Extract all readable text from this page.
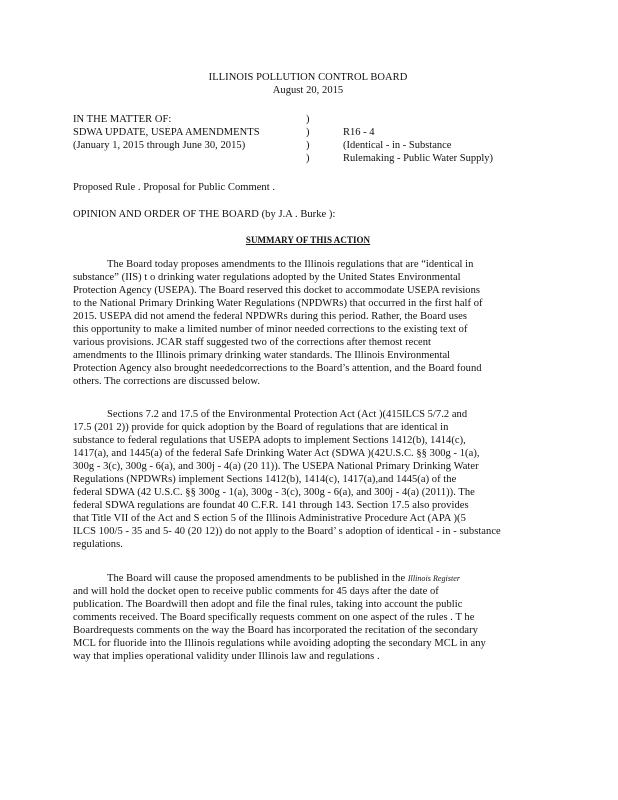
ILLINOIS POLLUTION CONTROL BOARD
August 20, 2015
IN THE MATTER OF:
SDWA UPDATE, USEPA AMENDMENTS
(January 1, 2015 through June 30, 2015)
)
)
)
)
R16 - 4
(Identical - in - Substance
Rulemaking - Public Water Supply)
Proposed Rule . Proposal for Public Comment .
OPINION AND ORDER OF THE BOARD (by J.A . Burke ):
SUMMARY OF THIS ACTION
The Board today proposes amendments to the Illinois regulations that are “identical in
substance” (IIS) t o drinking water regulations adopted by the United States Environmental
Protection Agency (USEPA). The Board reserved this docket to accommodate USEPA revisions
to the National Primary Drinking Water Regulations (NPDWRs) that occurred in the first half of
2015. USEPA did not amend the federal NPDWRs during this period. Rather, the Board uses
this opportunity to make a limited number of minor needed corrections to the existing text of
various provisions. JCAR staff suggested two of the corrections after themost recent
amendments to the Illinois primary drinking water standards. The Illinois Environmental
Protection Agency also brought neededcorrections to the Board’s attention, and the Board found
others. The corrections are discussed below.
Sections 7.2 and 17.5 of the Environmental Protection Act (Act )(415ILCS 5/7.2 and
17.5 (201 2)) provide for quick adoption by the Board of regulations that are identical in
substance to federal regulations that USEPA adopts to implement Sections 1412(b), 1414(c),
1417(a), and 1445(a) of the federal Safe Drinking Water Act (SDWA )(42U.S.C. §§ 300g - 1(a),
300g - 3(c), 300g - 6(a), and 300j - 4(a) (20 11)). The USEPA National Primary Drinking Water
Regulations (NPDWRs) implement Sections 1412(b), 1414(c), 1417(a),and 1445(a) of the
federal SDWA (42 U.S.C. §§ 300g - 1(a), 300g - 3(c), 300g - 6(a), and 300j - 4(a) (2011)). The
federal SDWA regulations are foundat 40 C.F.R. 141 through 143. Section 17.5 also provides
that Title VII of the Act and S ection 5 of the Illinois Administrative Procedure Act (APA )(5
ILCS 100/5 - 35 and 5- 40 (20 12)) do not apply to the Board’ s adoption of identical - in - substance
regulations.
The Board will cause the proposed amendments to be published in the Illinois Register
and will hold the docket open to receive public comments for 45 days after the date of
publication. The Boardwill then adopt and file the final rules, taking into account the public
comments received. The Board specifically requests comment on one aspect of the rules . T he
Boardrequests comments on the way the Board has incorporated the recitation of the secondary
MCL for fluoride into the Illinois regulations while avoiding adopting the secondary MCL in any
way that implies operational validity under Illinois law and regulations .
